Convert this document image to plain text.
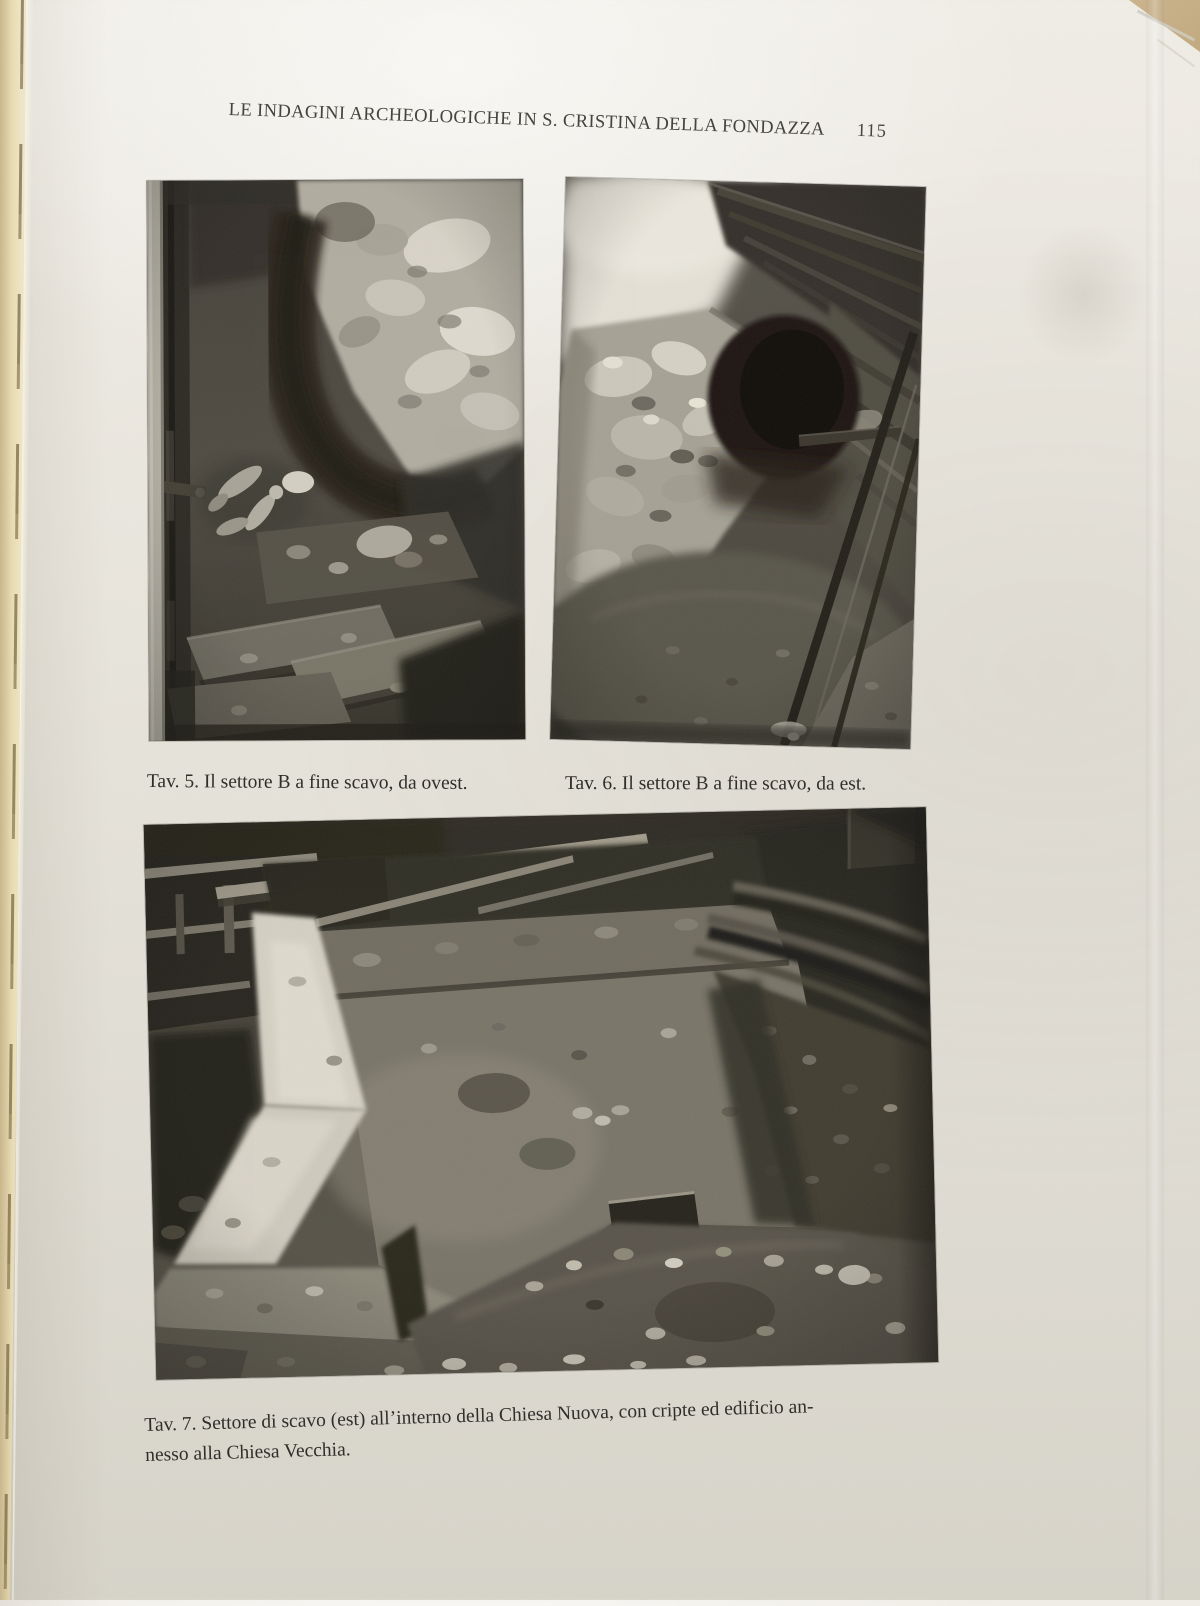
LE INDAGINI ARCHEOLOGICHE IN S. CRISTINA DELLA FONDAZZA 115

Tav. 5. Il settore B a fine scavo, da ovest.	Tav. 6. Il settore B a fine scavo, da est.

Tav. 7. Settore di scavo (est) all’interno della Chiesa Nuova, con cripte ed edificio an-
nesso alla Chiesa Vecchia.
